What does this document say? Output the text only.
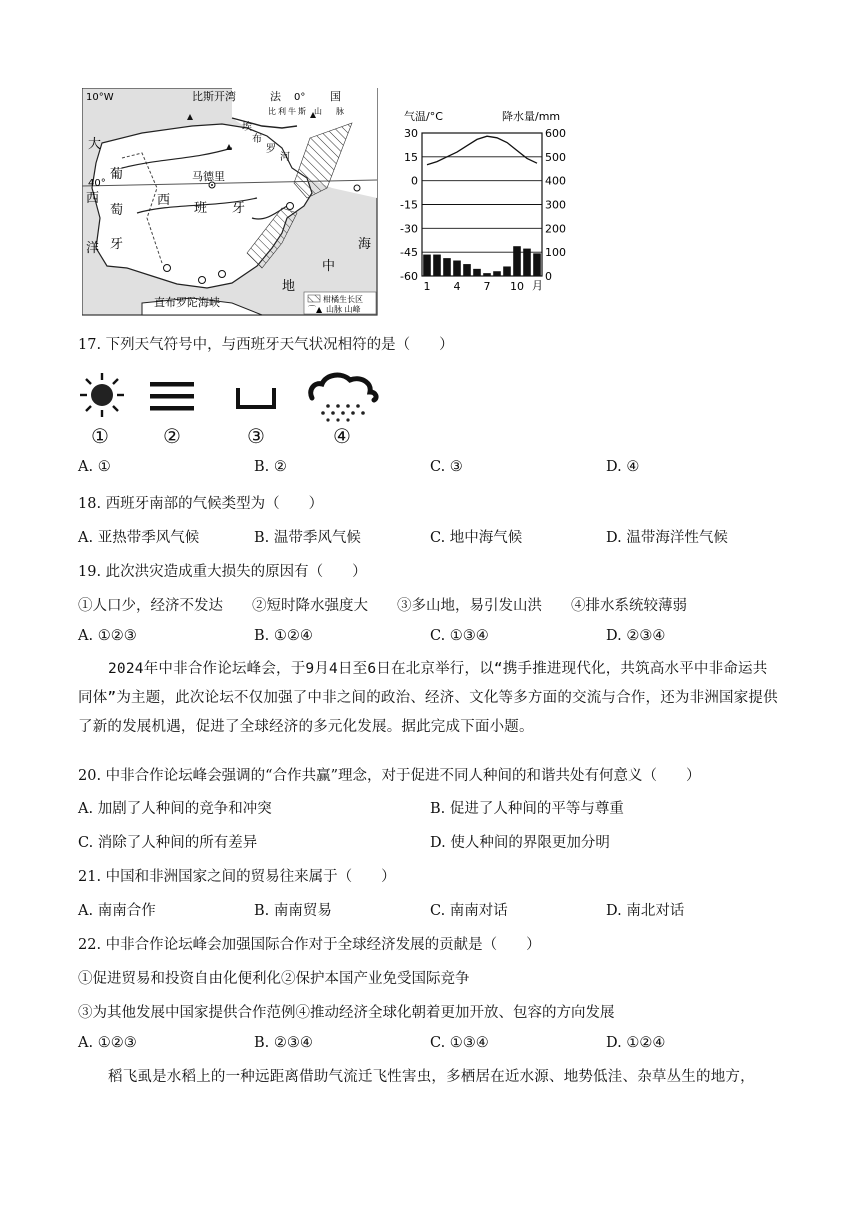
柑橘生长区
⌒▲ 山脉 山峰
10°W	比斯开湾	法 0° 国
比 利 牛 斯 山 脉
埃
布
罗
河
大
40°
西
洋
葡
萄
牙
马德里
西
班 牙
海
中
地
直布罗陀海峡
气温/°C	降水量/mm
30
15
0
-15
-30
-45
-60
600
500
400
300
200
100
0
1 4 7 10 月
17. 下列天气符号中，与西班牙天气状况相符的是（　　）
①	②	③	④
A. ①	B. ②	C. ③	D. ④
18. 西班牙南部的气候类型为（　　）
A. 亚热带季风气候	B. 温带季风气候	C. 地中海气候	D. 温带海洋性气候
19. 此次洪灾造成重大损失的原因有（　　）
①人口少，经济不发达　　②短时降水强度大　　③多山地，易引发山洪　　④排水系统较薄弱
A. ①②③	B. ①②④	C. ①③④	D. ②③④
2024年中非合作论坛峰会，于9月4日至6日在北京举行，以“携手推进现代化，共筑高水平中非命运共同体”为主题，此次论坛不仅加强了中非之间的政治、经济、文化等多方面的交流与合作，还为非洲国家提供了新的发展机遇，促进了全球经济的多元化发展。据此完成下面小题。
20. 中非合作论坛峰会强调的“合作共赢”理念，对于促进不同人种间的和谐共处有何意义（　　）
A. 加剧了人种间的竞争和冲突	B. 促进了人种间的平等与尊重
C. 消除了人种间的所有差异	D. 使人种间的界限更加分明
21. 中国和非洲国家之间的贸易往来属于（　　）
A. 南南合作	B. 南南贸易	C. 南南对话	D. 南北对话
22. 中非合作论坛峰会加强国际合作对于全球经济发展的贡献是（　　）
①促进贸易和投资自由化便利化②保护本国产业免受国际竞争
③为其他发展中国家提供合作范例④推动经济全球化朝着更加开放、包容的方向发展
A. ①②③	B. ②③④	C. ①③④	D. ①②④
稻飞虱是水稻上的一种远距离借助气流迁飞性害虫，多栖居在近水源、地势低洼、杂草丛生的地方，
